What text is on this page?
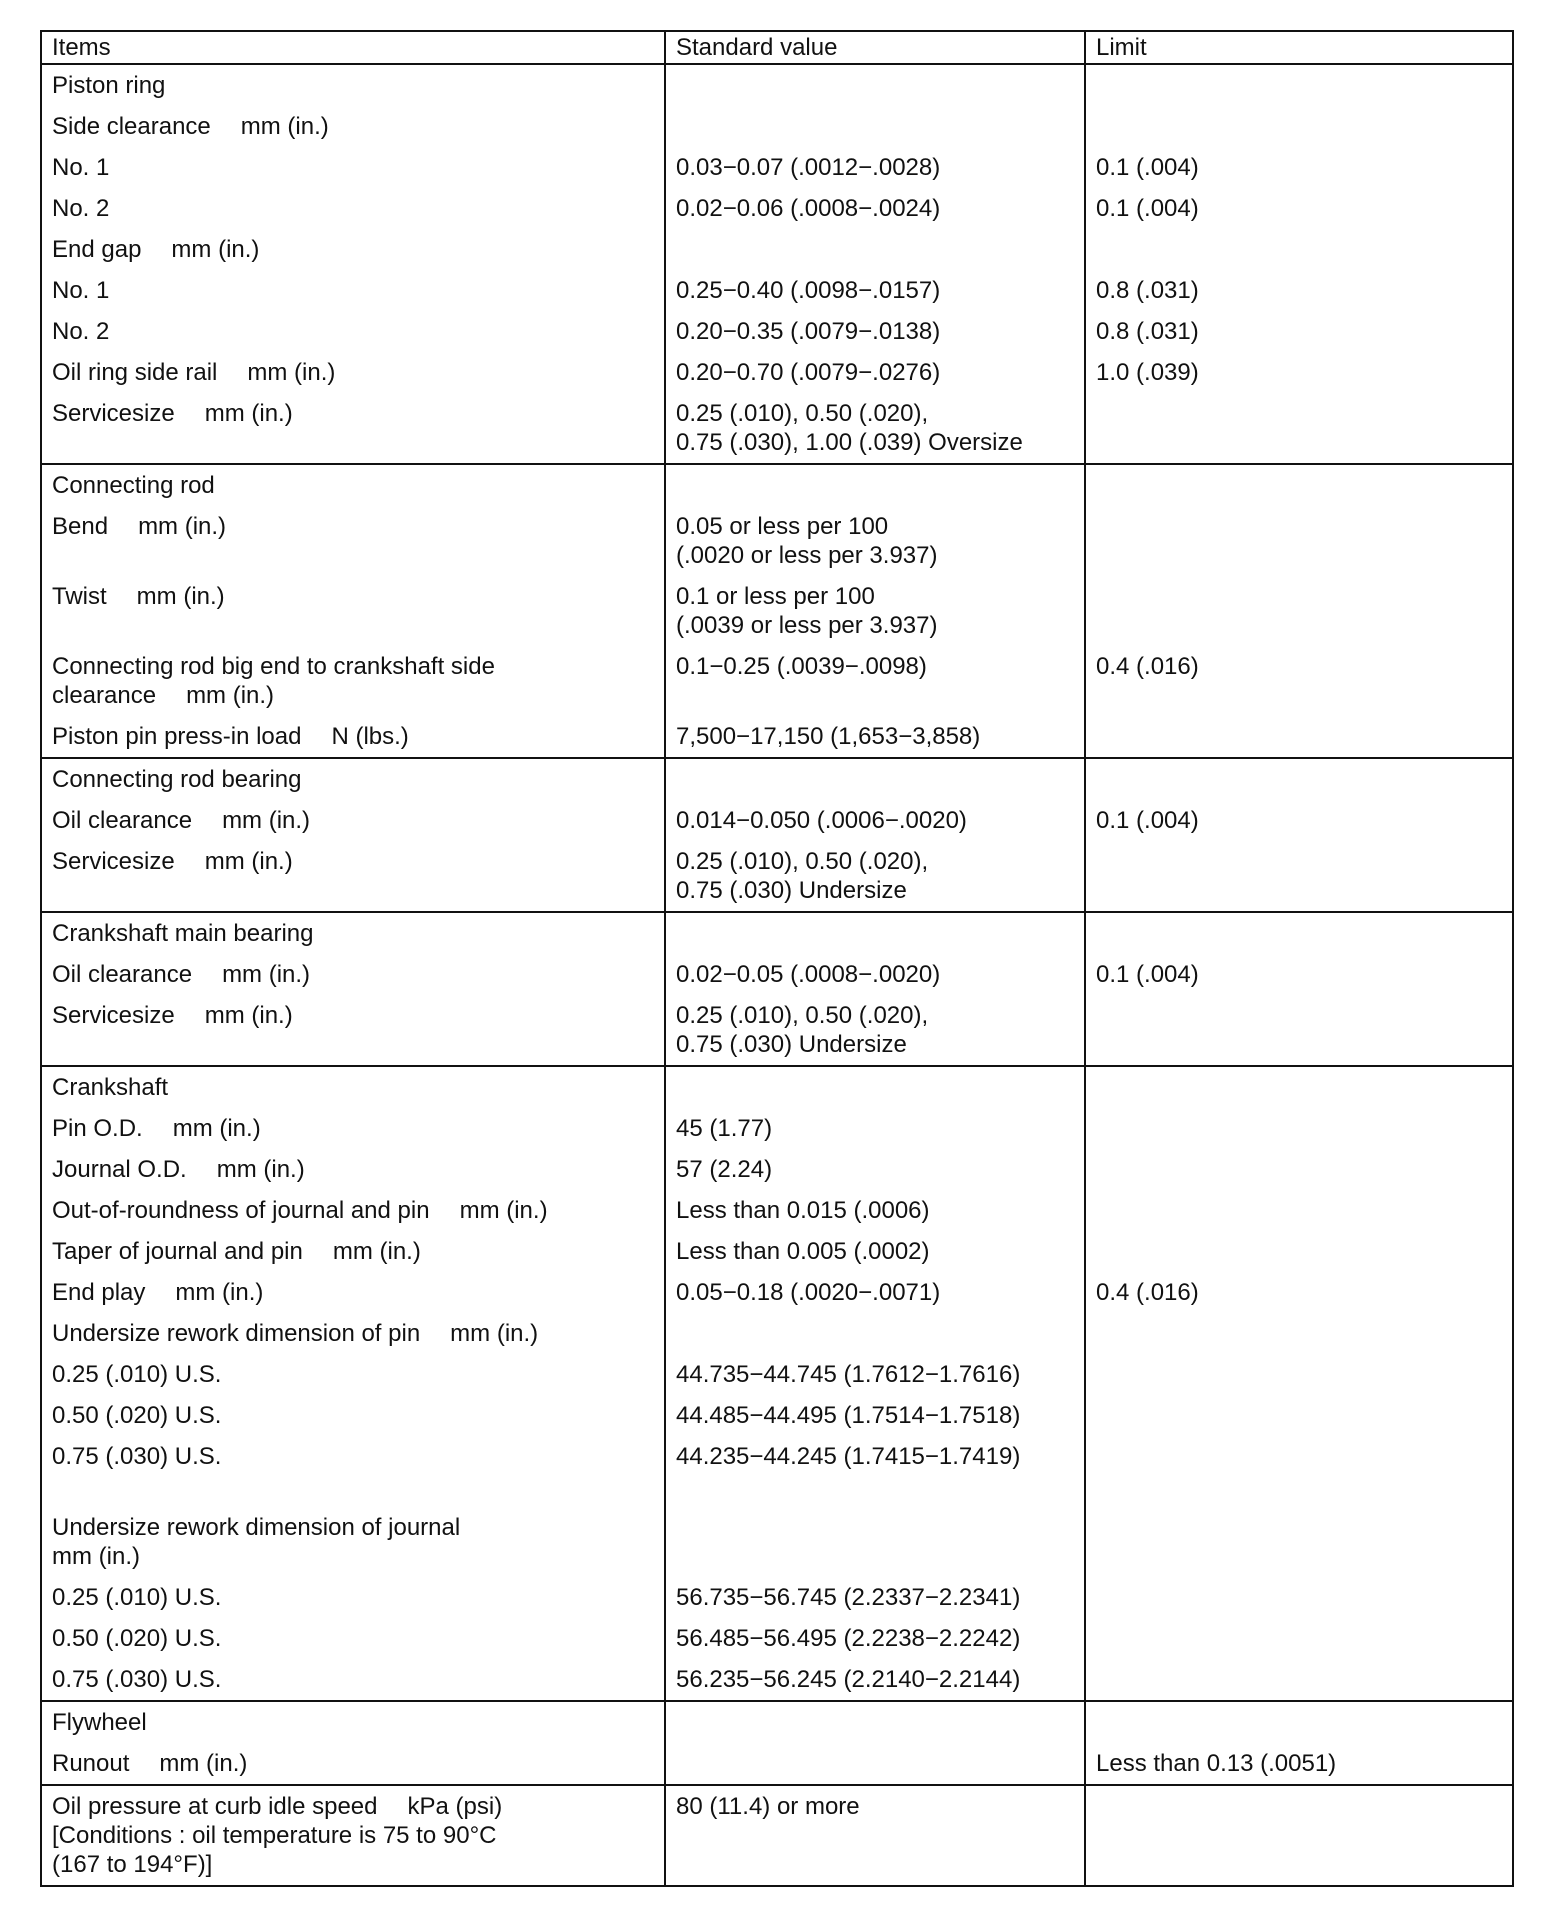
Items	Standard value	Limit
Piston ring		
Side clearance mm (in.)		
No. 1	0.03−0.07 (.0012−.0028)	0.1 (.004)
No. 2	0.02−0.06 (.0008−.0024)	0.1 (.004)
End gap mm (in.)		
No. 1	0.25−0.40 (.0098−.0157)	0.8 (.031)
No. 2	0.20−0.35 (.0079−.0138)	0.8 (.031)
Oil ring side rail mm (in.)	0.20−0.70 (.0079−.0276)	1.0 (.039)
Servicesize mm (in.)	0.25 (.010), 0.50 (.020),
0.75 (.030), 1.00 (.039) Oversize	
Connecting rod		
Bend mm (in.)	0.05 or less per 100
(.0020 or less per 3.937)	
Twist mm (in.)	0.1 or less per 100
(.0039 or less per 3.937)	
Connecting rod big end to crankshaft side
clearance mm (in.)	0.1−0.25 (.0039−.0098)	0.4 (.016)
Piston pin press-in load N (lbs.)	7,500−17,150 (1,653−3,858)	
Connecting rod bearing		
Oil clearance mm (in.)	0.014−0.050 (.0006−.0020)	0.1 (.004)
Servicesize mm (in.)	0.25 (.010), 0.50 (.020),
0.75 (.030) Undersize	
Crankshaft main bearing		
Oil clearance mm (in.)	0.02−0.05 (.0008−.0020)	0.1 (.004)
Servicesize mm (in.)	0.25 (.010), 0.50 (.020),
0.75 (.030) Undersize	
Crankshaft		
Pin O.D. mm (in.)	45 (1.77)	
Journal O.D. mm (in.)	57 (2.24)	
Out-of-roundness of journal and pin mm (in.)	Less than 0.015 (.0006)	
Taper of journal and pin mm (in.)	Less than 0.005 (.0002)	
End play mm (in.)	0.05−0.18 (.0020−.0071)	0.4 (.016)
Undersize rework dimension of pin mm (in.)		
0.25 (.010) U.S.	44.735−44.745 (1.7612−1.7616)	
0.50 (.020) U.S.	44.485−44.495 (1.7514−1.7518)	
0.75 (.030) U.S.	44.235−44.245 (1.7415−1.7419)	

Undersize rework dimension of journal
mm (in.)		
0.25 (.010) U.S.	56.735−56.745 (2.2337−2.2341)	
0.50 (.020) U.S.	56.485−56.495 (2.2238−2.2242)	
0.75 (.030) U.S.	56.235−56.245 (2.2140−2.2144)	
Flywheel		
Runout mm (in.)		Less than 0.13 (.0051)
Oil pressure at curb idle speed kPa (psi)
[Conditions : oil temperature is 75 to 90°C
(167 to 194°F)]	80 (11.4) or more	
